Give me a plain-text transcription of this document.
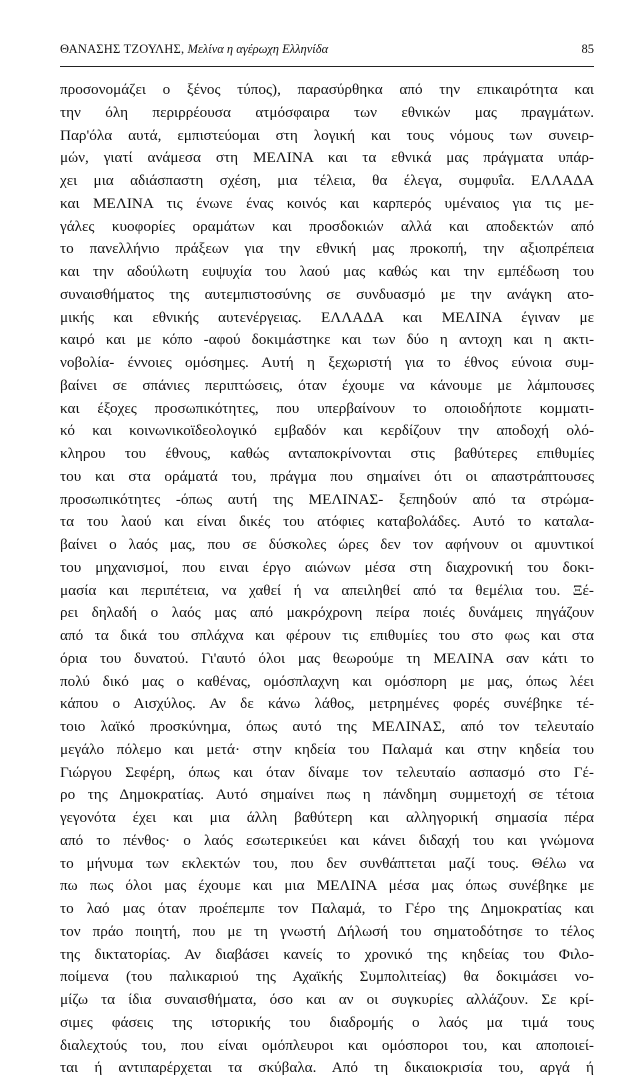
ΘΑΝΑΣΗΣ ΤΖΟΥΛΗΣ, Μελίνα η αγέρωχη Ελληνίδα	85
προσονομάζει ο ξένος τύπος), παρασύρθηκα από την επικαιρότητα και
την όλη περιρρέουσα ατμόσφαιρα των εθνικών μας πραγμάτων.
Παρ'όλα αυτά, εμπιστεύομαι στη λογική και τους νόμους των συνειρ-
μών, γιατί ανάμεσα στη ΜΕΛΙΝΑ και τα εθνικά μας πράγματα υπάρ-
χει μια αδιάσπαστη σχέση, μια τέλεια, θα έλεγα, συμφυΐα. ΕΛΛΑΔΑ
και ΜΕΛΙΝΑ τις ένωνε ένας κοινός και καρπερός υμέναιος για τις με-
γάλες κυοφορίες οραμάτων και προσδοκιών αλλά και αποδεκτών από
το πανελλήνιο πράξεων για την εθνική μας προκοπή, την αξιοπρέπεια
και την αδούλωτη ευψυχία του λαού μας καθώς και την εμπέδωση του
συναισθήματος της αυτεμπιστοσύνης σε συνδυασμό με την ανάγκη ατο-
μικής και εθνικής αυτενέργειας. ΕΛΛΑΔΑ και ΜΕΛΙΝΑ έγιναν με
καιρό και με κόπο -αφού δοκιμάστηκε και των δύο η αντοχη και η ακτι-
νοβολία- έννοιες ομόσημες. Αυτή η ξεχωριστή για το έθνος εύνοια συμ-
βαίνει σε σπάνιες περιπτώσεις, όταν έχουμε να κάνουμε με λάμπουσες
και έξοχες προσωπικότητες, που υπερβαίνουν το οποιοδήποτε κομματι-
κό και κοινωνικοϊδεολογικό εμβαδόν και κερδίζουν την αποδοχή ολό-
κληρου του έθνους, καθώς ανταποκρίνονται στις βαθύτερες επιθυμίες
του και στα οράματά του, πράγμα που σημαίνει ότι οι απαστράπτουσες
προσωπικότητες -όπως αυτή της ΜΕΛΙΝΑΣ- ξεπηδούν από τα στρώμα-
τα του λαού και είναι δικές του ατόφιες καταβολάδες. Αυτό το καταλα-
βαίνει ο λαός μας, που σε δύσκολες ώρες δεν τον αφήνουν οι αμυντικοί
του μηχανισμοί, που ειναι έργο αιώνων μέσα στη διαχρονική του δοκι-
μασία και περιπέτεια, να χαθεί ή να απειληθεί από τα θεμέλια του. Ξέ-
ρει δηλαδή ο λαός μας από μακρόχρονη πείρα ποιές δυνάμεις πηγάζουν
από τα δικά του σπλάχνα και φέρουν τις επιθυμίες του στο φως και στα
όρια του δυνατού. Γι'αυτό όλοι μας θεωρούμε τη ΜΕΛΙΝΑ σαν κάτι το
πολύ δικό μας ο καθένας, ομόσπλαχνη και ομόσπορη με μας, όπως λέει
κάπου ο Αισχύλος. Αν δε κάνω λάθος, μετρημένες φορές συνέβηκε τέ-
τοιο λαϊκό προσκύνημα, όπως αυτό της ΜΕΛΙΝΑΣ, από τον τελευταίο
μεγάλο πόλεμο και μετά· στην κηδεία του Παλαμά και στην κηδεία του
Γιώργου Σεφέρη, όπως και όταν δίναμε τον τελευταίο ασπασμό στο Γέ-
ρο της Δημοκρατίας. Αυτό σημαίνει πως η πάνδημη συμμετοχή σε τέτοια
γεγονότα έχει και μια άλλη βαθύτερη και αλληγορική σημασία πέρα
από το πένθος· ο λαός εσωτερικεύει και κάνει διδαχή του και γνώμονα
το μήνυμα των εκλεκτών του, που δεν συνθάπτεται μαζί τους. Θέλω να
πω πως όλοι μας έχουμε και μια ΜΕΛΙΝΑ μέσα μας όπως συνέβηκε με
το λαό μας όταν προέπεμπε τον Παλαμά, το Γέρο της Δημοκρατίας και
τον πράο ποιητή, που με τη γνωστή Δήλωσή του σηματοδότησε το τέλος
της δικτατορίας. Αν διαβάσει κανείς το χρονικό της κηδείας του Φιλο-
ποίμενα (του παλικαριού της Αχαϊκής Συμπολιτείας) θα δοκιμάσει νο-
μίζω τα ίδια συναισθήματα, όσο και αν οι συγκυρίες αλλάζουν. Σε κρί-
σιμες φάσεις της ιστορικής του διαδρομής ο λαός μα τιμά τους
διαλεχτούς του, που είναι ομόπλευροι και ομόσποροι του, και αποποιεί-
ται ή αντιπαρέρχεται τα σκύβαλα. Από τη δικαιοκρισία του, αργά ή
